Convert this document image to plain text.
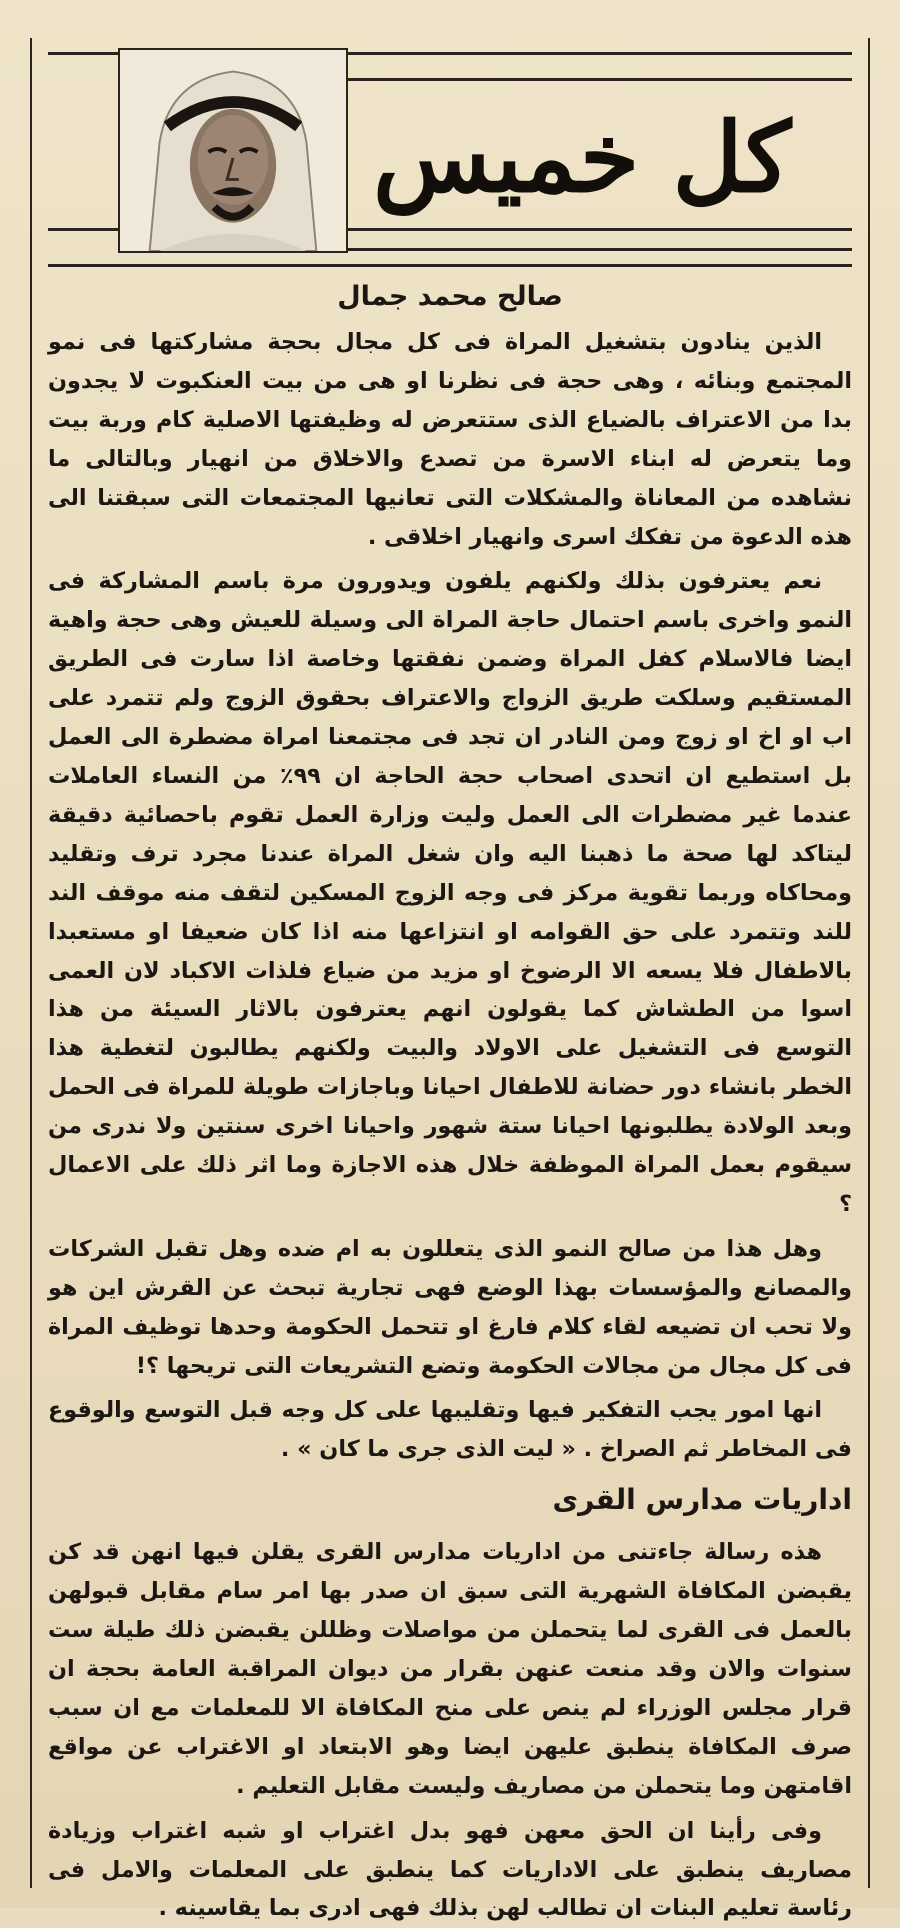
كل خميس
صالح محمد جمال

الذين ينادون بتشغيل المراة فى كل مجال بحجة مشاركتها فى نمو المجتمع وبنائه ، وهى حجة فى نظرنا او هى من بيت العنكبوت لا يجدون بدا من الاعتراف بالضياع الذى ستتعرض له وظيفتها الاصلية كام وربة بيت وما يتعرض له ابناء الاسرة من تصدع والاخلاق من انهيار وبالتالى ما نشاهده من المعاناة والمشكلات التى تعانيها المجتمعات التى سبقتنا الى هذه الدعوة من تفكك اسرى وانهيار اخلاقى .

نعم يعترفون بذلك ولكنهم يلفون ويدورون مرة باسم المشاركة فى النمو واخرى باسم احتمال حاجة المراة الى وسيلة للعيش وهى حجة واهية ايضا فالاسلام كفل المراة وضمن نفقتها وخاصة اذا سارت فى الطريق المستقيم وسلكت طريق الزواج والاعتراف بحقوق الزوج ولم تتمرد على اب او اخ او زوج ومن النادر ان تجد فى مجتمعنا امراة مضطرة الى العمل بل استطيع ان اتحدى اصحاب حجة الحاجة ان ٩٩٪ من النساء العاملات عندما غير مضطرات الى العمل وليت وزارة العمل تقوم باحصائية دقيقة ليتاكد لها صحة ما ذهبنا اليه وان شغل المراة عندنا مجرد ترف وتقليد ومحاكاه وربما تقوية مركز فى وجه الزوج المسكين لتقف منه موقف الند للند وتتمرد على حق القوامه او انتزاعها منه اذا كان ضعيفا او مستعبدا بالاطفال فلا يسعه الا الرضوخ او مزيد من ضياع فلذات الاكباد لان العمى اسوا من الطشاش كما يقولون انهم يعترفون بالاثار السيئة من هذا التوسع فى التشغيل على الاولاد والبيت ولكنهم يطالبون لتغطية هذا الخطر بانشاء دور حضانة للاطفال احيانا وباجازات طويلة للمراة فى الحمل وبعد الولادة يطلبونها احيانا ستة شهور واحيانا اخرى سنتين ولا ندرى من سيقوم بعمل المراة الموظفة خلال هذه الاجازة وما اثر ذلك على الاعمال ؟

وهل هذا من صالح النمو الذى يتعللون به ام ضده وهل تقبل الشركات والمصانع والمؤسسات بهذا الوضع فهى تجارية تبحث عن القرش اين هو ولا تحب ان تضيعه لقاء كلام فارغ او تتحمل الحكومة وحدها توظيف المراة فى كل مجال من مجالات الحكومة وتضع التشريعات التى تريحها ؟!

انها امور يجب التفكير فيها وتقليبها على كل وجه قبل التوسع والوقوع فى المخاطر ثم الصراخ . « ليت الذى جرى ما كان » .

اداريات مدارس القرى

هذه رسالة جاءتنى من اداريات مدارس القرى يقلن فيها انهن قد كن يقبضن المكافاة الشهرية التى سبق ان صدر بها امر سام مقابل قبولهن بالعمل فى القرى لما يتحملن من مواصلات وظللن يقبضن ذلك طيلة ست سنوات والان وقد منعت عنهن بقرار من ديوان المراقبة العامة بحجة ان قرار مجلس الوزراء لم ينص على منح المكافاة الا للمعلمات مع ان سبب صرف المكافاة ينطبق عليهن ايضا وهو الابتعاد او الاغتراب عن مواقع اقامتهن وما يتحملن من مصاريف وليست مقابل التعليم .

وفى رأينا ان الحق معهن فهو بدل اغتراب او شبه اغتراب وزيادة مصاريف ينطبق على الاداريات كما ينطبق على المعلمات والامل فى رئاسة تعليم البنات ان تطالب لهن بذلك فهى ادرى بما يقاسينه .
